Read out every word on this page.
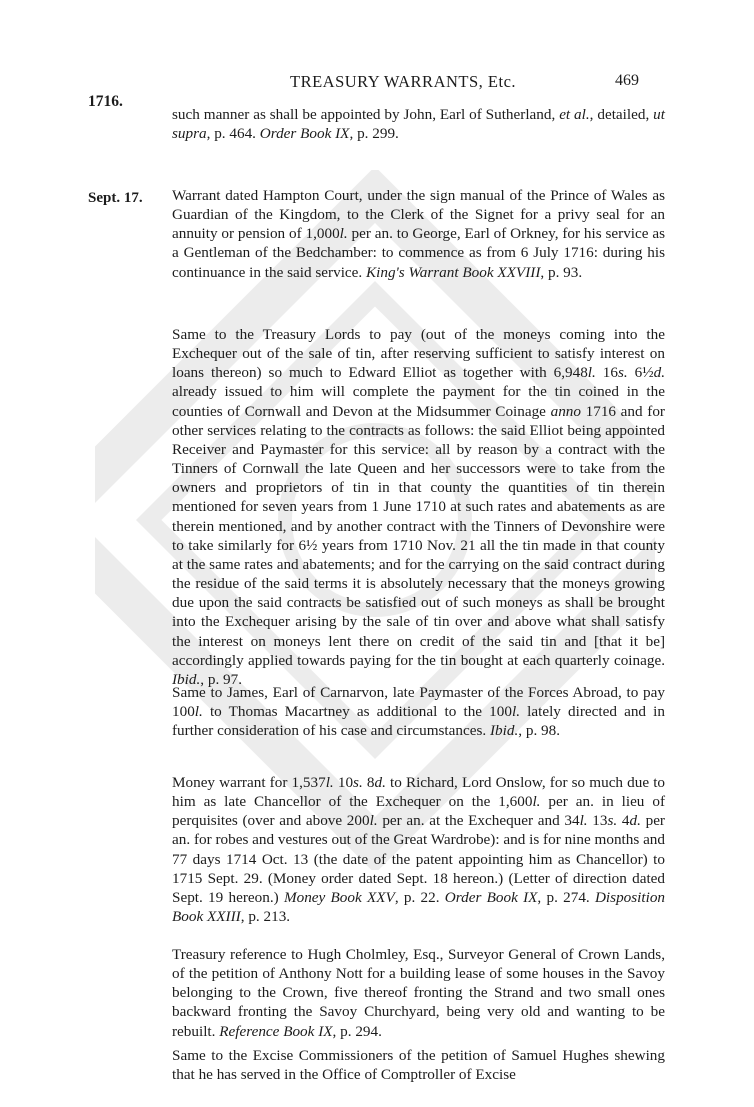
TREASURY WARRANTS, Etc.	469
1716.
Sept. 17.

such manner as shall be appointed by John, Earl of Sutherland, et al., detailed, ut supra, p. 464. Order Book IX, p. 299.

Warrant dated Hampton Court, under the sign manual of the Prince of Wales as Guardian of the Kingdom, to the Clerk of the Signet for a privy seal for an annuity or pension of 1,000l. per an. to George, Earl of Orkney, for his service as a Gentleman of the Bedchamber: to commence as from 6 July 1716: during his continuance in the said service. King's Warrant Book XXVIII, p. 93.

Same to the Treasury Lords to pay (out of the moneys coming into the Exchequer out of the sale of tin, after reserving sufficient to satisfy interest on loans thereon) so much to Edward Elliot as together with 6,948l. 16s. 6½d. already issued to him will complete the payment for the tin coined in the counties of Cornwall and Devon at the Midsummer Coinage anno 1716 and for other services relating to the contracts as follows: the said Elliot being appointed Receiver and Paymaster for this service: all by reason by a contract with the Tinners of Cornwall the late Queen and her successors were to take from the owners and proprietors of tin in that county the quantities of tin therein mentioned for seven years from 1 June 1710 at such rates and abatements as are therein mentioned, and by another contract with the Tinners of Devonshire were to take similarly for 6½ years from 1710 Nov. 21 all the tin made in that county at the same rates and abatements; and for the carrying on the said contract during the residue of the said terms it is absolutely necessary that the moneys growing due upon the said contracts be satisfied out of such moneys as shall be brought into the Exchequer arising by the sale of tin over and above what shall satisfy the interest on moneys lent there on credit of the said tin and [that it be] accordingly applied towards paying for the tin bought at each quarterly coinage. Ibid., p. 97.

Same to James, Earl of Carnarvon, late Paymaster of the Forces Abroad, to pay 100l. to Thomas Macartney as additional to the 100l. lately directed and in further consideration of his case and circumstances. Ibid., p. 98.

Money warrant for 1,537l. 10s. 8d. to Richard, Lord Onslow, for so much due to him as late Chancellor of the Exchequer on the 1,600l. per an. in lieu of perquisites (over and above 200l. per an. at the Exchequer and 34l. 13s. 4d. per an. for robes and vestures out of the Great Wardrobe): and is for nine months and 77 days 1714 Oct. 13 (the date of the patent appointing him as Chancellor) to 1715 Sept. 29. (Money order dated Sept. 18 hereon.) (Letter of direction dated Sept. 19 hereon.) Money Book XXV, p. 22. Order Book IX, p. 274. Disposition Book XXIII, p. 213.

Treasury reference to Hugh Cholmley, Esq., Surveyor General of Crown Lands, of the petition of Anthony Nott for a building lease of some houses in the Savoy belonging to the Crown, five thereof fronting the Strand and two small ones backward fronting the Savoy Churchyard, being very old and wanting to be rebuilt. Reference Book IX, p. 294.

Same to the Excise Commissioners of the petition of Samuel Hughes shewing that he has served in the Office of Comptroller of Excise
